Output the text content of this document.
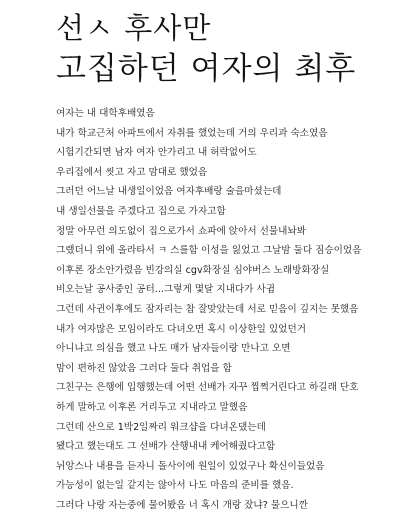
선ㅅ 후사만
고집하던 여자의 최후
여자는 내 대학후배였음
내가 학교근처 아파트에서 자취를 했었는데 거의 우리과 숙소였음
시험기간되면 남자 여자 안가리고 내 허락없어도
우리집에서 씻고 자고 맘대로 했었음
그러던 어느날 내생일이었음 여자후배랑 술을마셨는데
내 생일선물을 주겠다고 집으로 가자고함
정말 아무런 의도없이 집으로가서 쇼파에 앉아서 선물내놔봐
그랬더니 위에 올라타서 ㅋ 스를함 이성을 잃었고 그날밤 둘다 짐승이었음
이후론 장소안가렸음 빈강의실 cgv화장실 심야버스 노래방화장실
비오는날 공사중인 공터...그렇게 몇달 지내다가 사귐
그런데 사귄이후에도 잠자리는 참 잘맞았는데 서로 믿음이 깊지는 못했음
내가 여자많은 모임이라도 다녀오면 혹시 이상한일 있었던거
아니냐고 의심을 했고 나도 매가 남자들이랑 만나고 오면
맘이 편하진 않았음 그러다 둘다 취업을 함
그친구는 은행에 입행했는데 어떤 선배가 자꾸 찝쩍거린다고 하길래 단호
하게 말하고 이후론 거리두고 지내라고 말했음
그런데 산으로 1박2일짜리 워크샵을 다녀온댔는데
됐다고 했는대도 그 선배가 산행내내 케어해줬다고함
뉘앙스나 내용을 듣자니 돌사이에 원일이 있었구나 확신이들었음
가능성이 없는일 같지는 않아서 나도 마음의 준비를 했음.
그러다 나랑 자는중에 물어봤음 너 혹시 개랑 잤냐? 물으니깐
